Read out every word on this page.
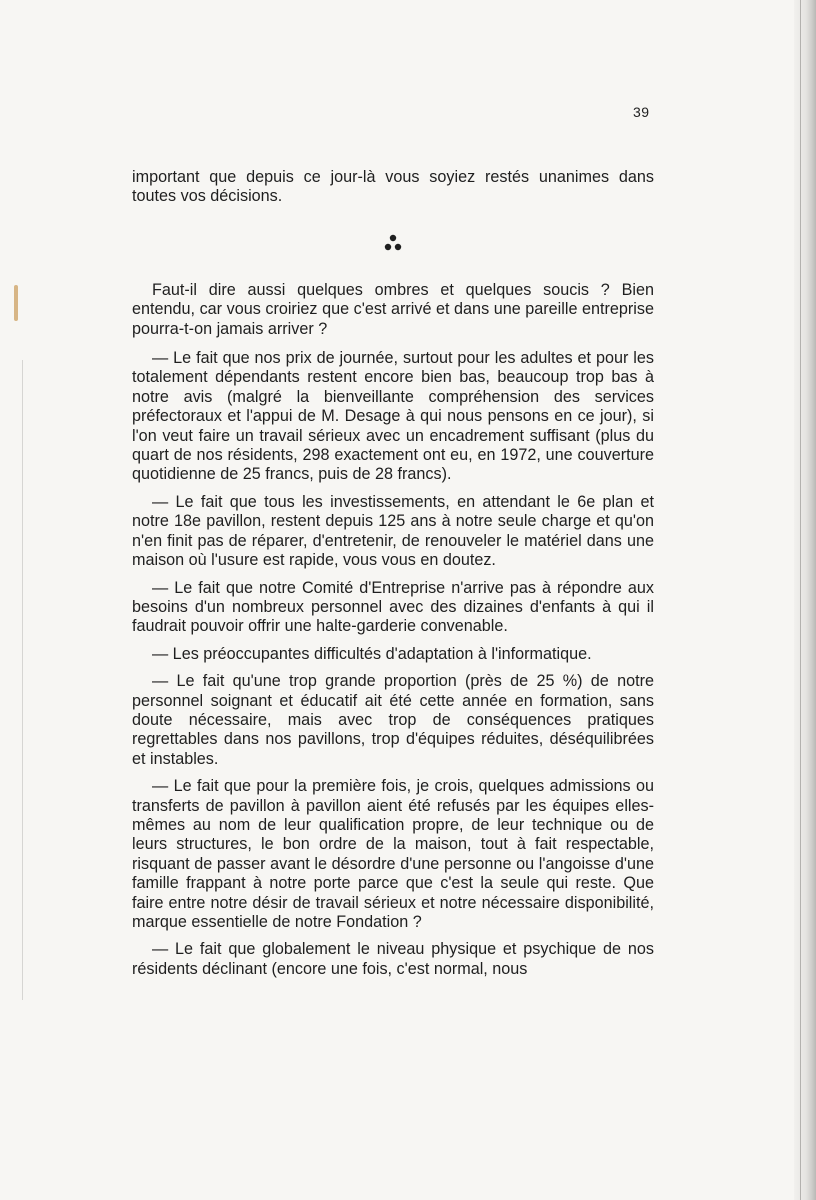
39

important que depuis ce jour-là vous soyiez restés unanimes dans toutes vos décisions.

Faut-il dire aussi quelques ombres et quelques soucis ? Bien entendu, car vous croiriez que c'est arrivé et dans une pareille entreprise pourra-t-on jamais arriver ?

— Le fait que nos prix de journée, surtout pour les adultes et pour les totalement dépendants restent encore bien bas, beaucoup trop bas à notre avis (malgré la bienveillante compréhension des services préfectoraux et l'appui de M. Desage à qui nous pensons en ce jour), si l'on veut faire un travail sérieux avec un encadrement suffisant (plus du quart de nos résidents, 298 exactement ont eu, en 1972, une couverture quotidienne de 25 francs, puis de 28 francs).

— Le fait que tous les investissements, en attendant le 6e plan et notre 18e pavillon, restent depuis 125 ans à notre seule charge et qu'on n'en finit pas de réparer, d'entretenir, de renouveler le matériel dans une maison où l'usure est rapide, vous vous en doutez.

— Le fait que notre Comité d'Entreprise n'arrive pas à répondre aux besoins d'un nombreux personnel avec des dizaines d'enfants à qui il faudrait pouvoir offrir une halte-garderie convenable.

— Les préoccupantes difficultés d'adaptation à l'informatique.

— Le fait qu'une trop grande proportion (près de 25 %) de notre personnel soignant et éducatif ait été cette année en formation, sans doute nécessaire, mais avec trop de conséquences pratiques regrettables dans nos pavillons, trop d'équipes réduites, déséquilibrées et instables.

— Le fait que pour la première fois, je crois, quelques admissions ou transferts de pavillon à pavillon aient été refusés par les équipes elles-mêmes au nom de leur qualification propre, de leur technique ou de leurs structures, le bon ordre de la maison, tout à fait respectable, risquant de passer avant le désordre d'une personne ou l'angoisse d'une famille frappant à notre porte parce que c'est la seule qui reste. Que faire entre notre désir de travail sérieux et notre nécessaire disponibilité, marque essentielle de notre Fondation ?

— Le fait que globalement le niveau physique et psychique de nos résidents déclinant (encore une fois, c'est normal, nous
